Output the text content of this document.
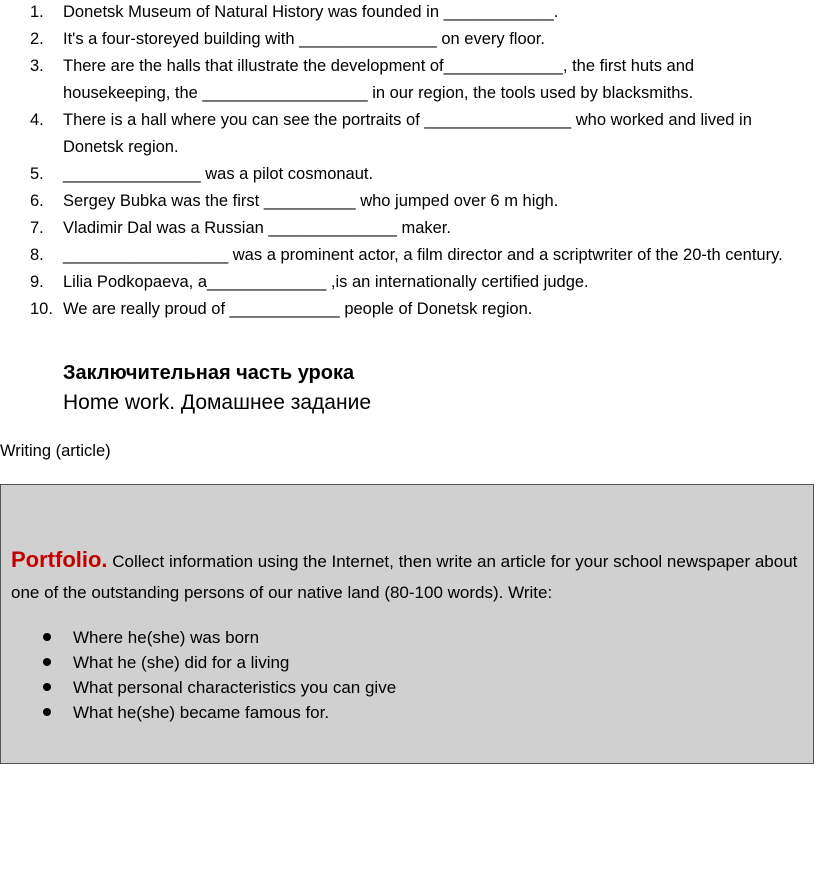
1.	Donetsk Museum of Natural History was founded in ____________.
2.	It's a four-storeyed building with _______________ on every floor.
3.	There are the halls that illustrate the development of_____________, the first huts and housekeeping, the __________________ in our region, the tools used by blacksmiths.
4.	There is a hall where you can see the portraits of ________________ who worked and lived in Donetsk region.
5.	_______________ was a pilot cosmonaut.
6.	Sergey Bubka was the first __________ who jumped over 6 m high.
7.	Vladimir Dal was a Russian ______________ maker.
8.	__________________ was a prominent actor, a film director and a scriptwriter of the 20-th century.
9.	Lilia Podkopaeva, a_____________ ,is an internationally certified judge.
10. We are really proud of ____________ people of Donetsk region.
Заключительная часть урока
Home work. Домашнее задание
Writing (article)

Portfolio. Collect information using the Internet, then write an article for your school newspaper about one of the outstanding persons of our native land (80-100 words). Write:

Where he(she) was born
What he (she) did for a living
What personal characteristics you can give
What he(she) became famous for.
